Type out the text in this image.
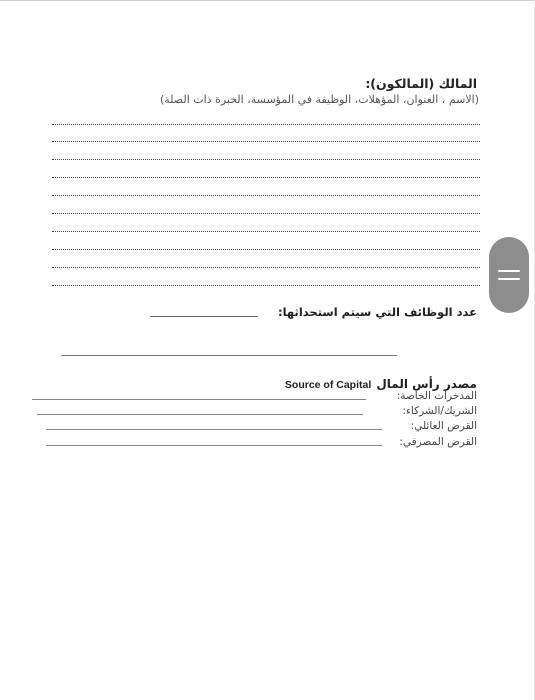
المالك (المالكون):
(الاسم ، العنوان، المؤهلات، الوظيفة في المؤسسة، الخبرة ذات الصلة)
عدد الوظائف التي سيتم استحداثها:
مصدر رأس المال Source of Capital
المدخرات الخاصة:
الشريك/الشركاء:
القرض العائلي:
القرض المصرفي:
